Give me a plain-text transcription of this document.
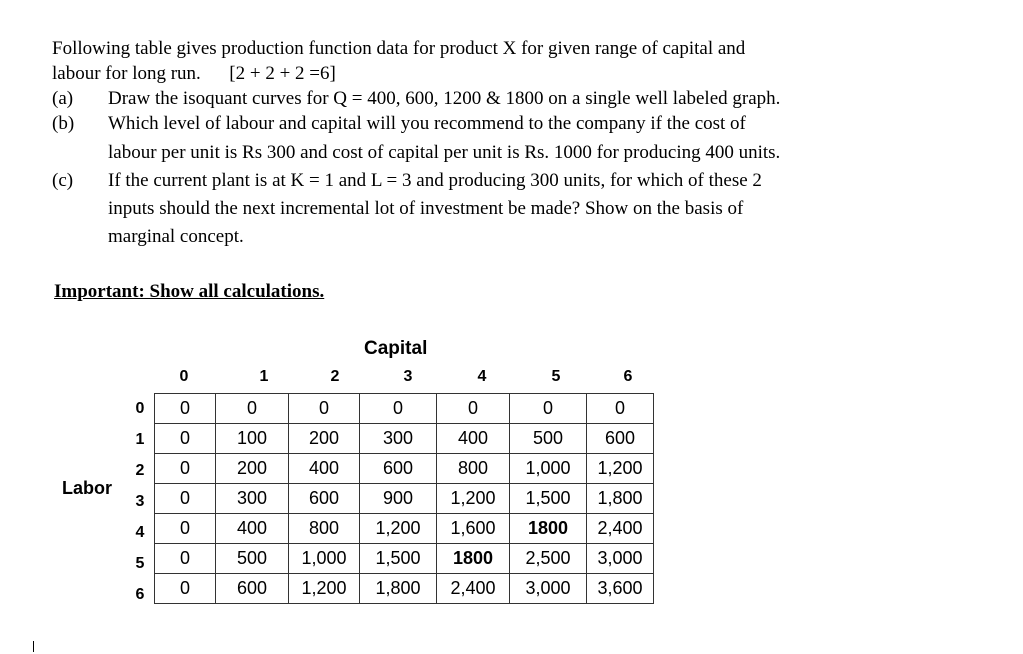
Following table gives production function data for product X for given range of capital and
labour for long run.      [2 + 2 + 2 =6]
(a)	Draw the isoquant curves for Q = 400, 600, 1200 & 1800 on a single well labeled graph.
(b)	Which level of labour and capital will you recommend to the company if the cost of
labour per unit is Rs 300 and cost of capital per unit is Rs. 1000 for producing 400 units.
(c)	If the current plant is at K = 1 and L = 3 and producing 300 units, for which of these 2
inputs should the next incremental lot of investment be made? Show on the basis of
marginal concept.
Important: Show all calculations.
Capital
Labor
0	1	2	3	4	5	6
0
1
2
3
4
5
6
0	0	0	0	0	0	0
0	100	200	300	400	500	600
0	200	400	600	800	1,000	1,200
0	300	600	900	1,200	1,500	1,800
0	400	800	1,200	1,600	1800	2,400
0	500	1,000	1,500	1800	2,500	3,000
0	600	1,200	1,800	2,400	3,000	3,600
